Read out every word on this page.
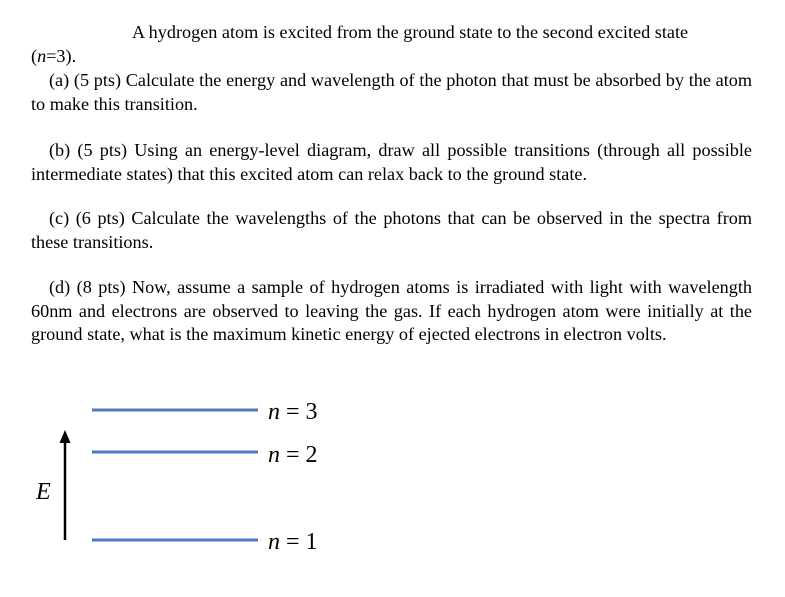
A hydrogen atom is excited from the ground state to the second excited state
(n=3).

(a) (5 pts) Calculate the energy and wavelength of the photon that must be absorbed by the atom to make this transition.

(b) (5 pts) Using an energy-level diagram, draw all possible transitions (through all possible intermediate states) that this excited atom can relax back to the ground state.

(c) (6 pts) Calculate the wavelengths of the photons that can be observed in the spectra from these transitions.

(d) (8 pts) Now, assume a sample of hydrogen atoms is irradiated with light with wavelength 60nm and electrons are observed to leaving the gas. If each hydrogen atom were initially at the ground state, what is the maximum kinetic energy of ejected electrons in electron volts.

E
n = 3
n = 2
n = 1
